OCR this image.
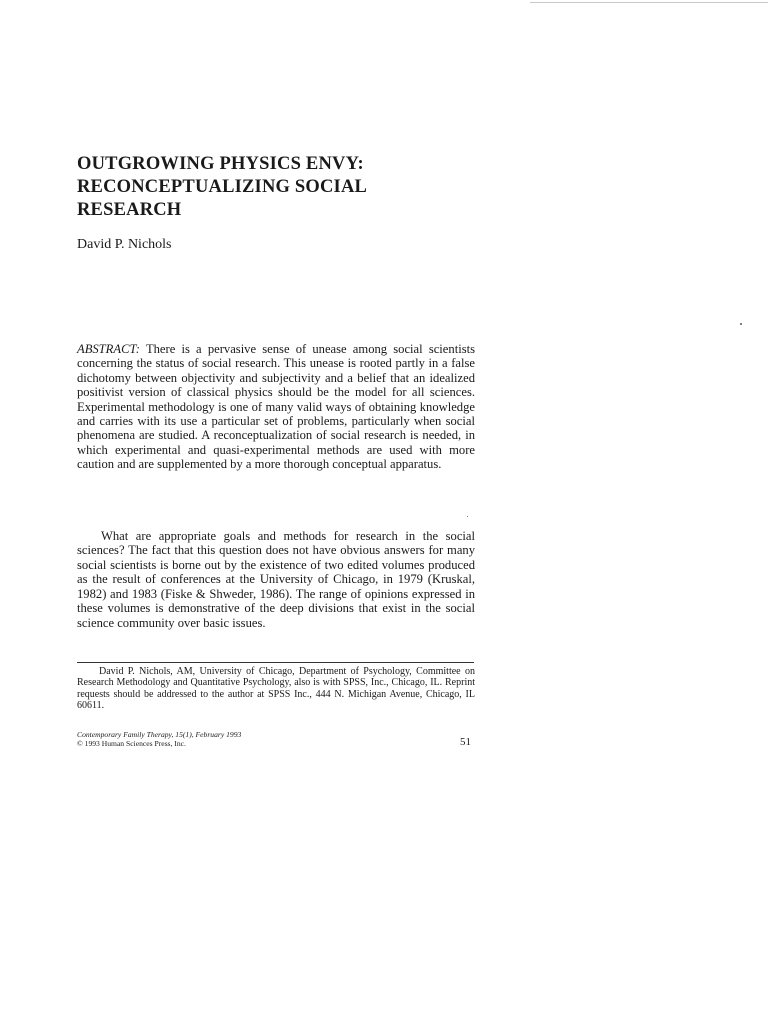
OUTGROWING PHYSICS ENVY:
RECONCEPTUALIZING SOCIAL
RESEARCH

David P. Nichols

ABSTRACT: There is a pervasive sense of unease among social scientists concerning the status of social research. This unease is rooted partly in a false dichotomy between objectivity and subjectivity and a belief that an idealized positivist version of classical physics should be the model for all sciences. Experimental methodology is one of many valid ways of obtaining knowledge and carries with its use a particular set of problems, particularly when social phenomena are studied. A reconceptualization of social research is needed, in which experimental and quasi-experimental methods are used with more caution and are supplemented by a more thorough conceptual apparatus.

What are appropriate goals and methods for research in the social sciences? The fact that this question does not have obvious answers for many social scientists is borne out by the existence of two edited volumes produced as the result of conferences at the University of Chicago, in 1979 (Kruskal, 1982) and 1983 (Fiske & Shweder, 1986). The range of opinions expressed in these volumes is demonstrative of the deep divisions that exist in the social science community over basic issues.

David P. Nichols, AM, University of Chicago, Department of Psychology, Committee on Research Methodology and Quantitative Psychology, also is with SPSS, Inc., Chicago, IL. Reprint requests should be addressed to the author at SPSS Inc., 444 N. Michigan Avenue, Chicago, IL 60611.

Contemporary Family Therapy, 15(1), February 1993
© 1993 Human Sciences Press, Inc.	51
